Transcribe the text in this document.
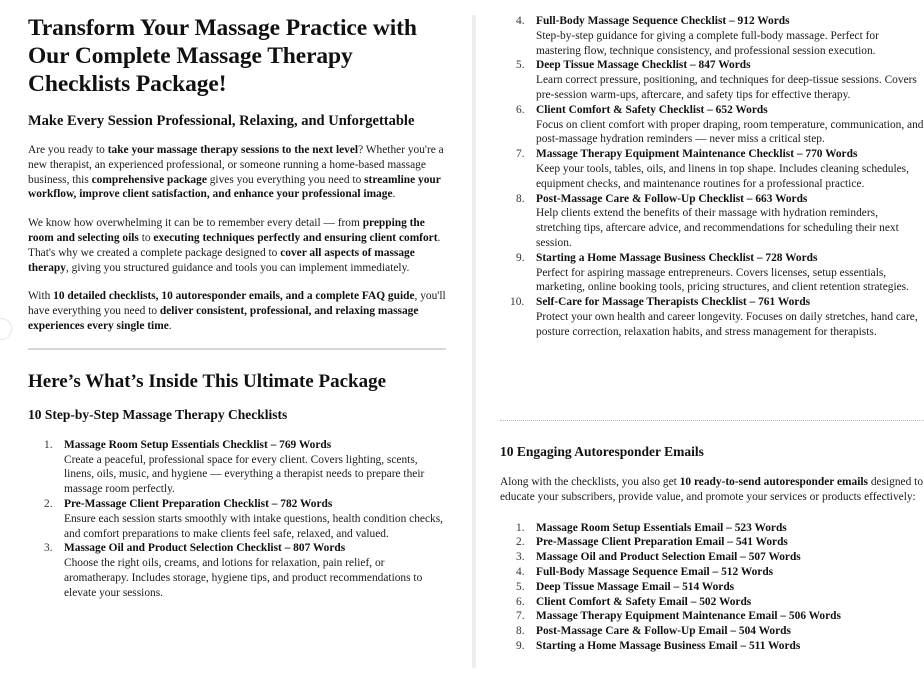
Transform Your Massage Practice with Our Complete Massage Therapy Checklists Package!
Make Every Session Professional, Relaxing, and Unforgettable

Are you ready to take your massage therapy sessions to the next level? Whether you're a new therapist, an experienced professional, or someone running a home-based massage business, this comprehensive package gives you everything you need to streamline your workflow, improve client satisfaction, and enhance your professional image.

We know how overwhelming it can be to remember every detail — from prepping the room and selecting oils to executing techniques perfectly and ensuring client comfort. That's why we created a complete package designed to cover all aspects of massage therapy, giving you structured guidance and tools you can implement immediately.

With 10 detailed checklists, 10 autoresponder emails, and a complete FAQ guide, you'll have everything you need to deliver consistent, professional, and relaxing massage experiences every single time.

Here’s What’s Inside This Ultimate Package
10 Step-by-Step Massage Therapy Checklists
1.	Massage Room Setup Essentials Checklist – 769 Words
Create a peaceful, professional space for every client. Covers lighting, scents, linens, oils, music, and hygiene — everything a therapist needs to prepare their massage room perfectly.
2.	Pre-Massage Client Preparation Checklist – 782 Words
Ensure each session starts smoothly with intake questions, health condition checks, and comfort preparations to make clients feel safe, relaxed, and valued.
3.	Massage Oil and Product Selection Checklist – 807 Words
Choose the right oils, creams, and lotions for relaxation, pain relief, or aromatherapy. Includes storage, hygiene tips, and product recommendations to elevate your sessions.
4.	Full-Body Massage Sequence Checklist – 912 Words
Step-by-step guidance for giving a complete full-body massage. Perfect for mastering flow, technique consistency, and professional session execution.
5.	Deep Tissue Massage Checklist – 847 Words
Learn correct pressure, positioning, and techniques for deep-tissue sessions. Covers pre-session warm-ups, aftercare, and safety tips for effective therapy.
6.	Client Comfort & Safety Checklist – 652 Words
Focus on client comfort with proper draping, room temperature, communication, and post-massage hydration reminders — never miss a critical step.
7.	Massage Therapy Equipment Maintenance Checklist – 770 Words
Keep your tools, tables, oils, and linens in top shape. Includes cleaning schedules, equipment checks, and maintenance routines for a professional practice.
8.	Post-Massage Care & Follow-Up Checklist – 663 Words
Help clients extend the benefits of their massage with hydration reminders, stretching tips, aftercare advice, and recommendations for scheduling their next session.
9.	Starting a Home Massage Business Checklist – 728 Words
Perfect for aspiring massage entrepreneurs. Covers licenses, setup essentials, marketing, online booking tools, pricing structures, and client retention strategies.
10. Self-Care for Massage Therapists Checklist – 761 Words
Protect your own health and career longevity. Focuses on daily stretches, hand care, posture correction, relaxation habits, and stress management for therapists.
10 Engaging Autoresponder Emails

Along with the checklists, you also get 10 ready-to-send autoresponder emails designed to educate your subscribers, provide value, and promote your services or products effectively:

1.	Massage Room Setup Essentials Email – 523 Words
2.	Pre-Massage Client Preparation Email – 541 Words
3.	Massage Oil and Product Selection Email – 507 Words
4.	Full-Body Massage Sequence Email – 512 Words
5.	Deep Tissue Massage Email – 514 Words
6.	Client Comfort & Safety Email – 502 Words
7.	Massage Therapy Equipment Maintenance Email – 506 Words
8.	Post-Massage Care & Follow-Up Email – 504 Words
9.	Starting a Home Massage Business Email – 511 Words
